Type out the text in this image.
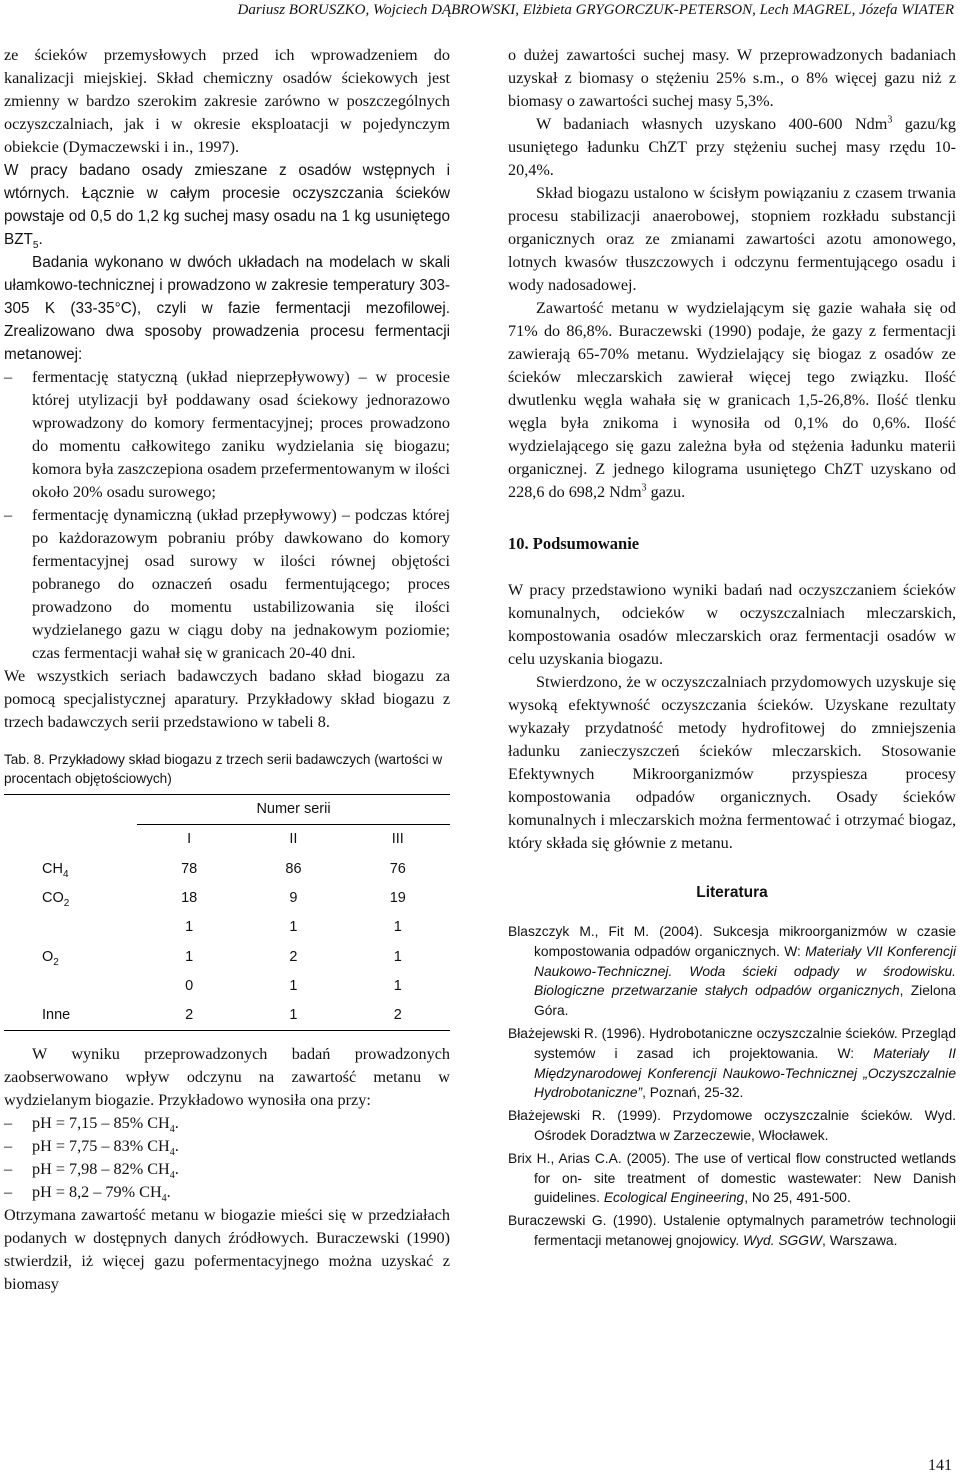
Dariusz BORUSZKO, Wojciech DĄBROWSKI, Elżbieta GRYGORCZUK-PETERSON, Lech MAGREL, Józefa WIATER

ze ścieków przemysłowych przed ich wprowadzeniem do kanalizacji miejskiej. Skład chemiczny osadów ściekowych jest zmienny w bardzo szerokim zakresie zarówno w poszczególnych oczyszczalniach, jak i w okresie eksploatacji w pojedynczym obiekcie (Dymaczewski i in., 1997).

W pracy badano osady zmieszane z osadów wstępnych i wtórnych. Łącznie w całym procesie oczyszczania ścieków powstaje od 0,5 do 1,2 kg suchej masy osadu na 1 kg usuniętego $BZT_5$.

Badania wykonano w dwóch układach na modelach w skali ułamkowo-technicznej i prowadzono w zakresie temperatury 303-305 K (33-35°C), czyli w fazie fermentacji mezofilowej. Zrealizowano dwa sposoby prowadzenia procesu fermentacji metanowej:

– fermentację statyczną (układ nieprzepływowy) – w procesie której utylizacji był poddawany osad ściekowy jednorazowo wprowadzony do komory fermentacyjnej; proces prowadzono do momentu całkowitego zaniku wydzielania się biogazu; komora była zaszczepiona osadem przefermentowanym w ilości około 20% osadu surowego;

– fermentację dynamiczną (układ przepływowy) – podczas której po każdorazowym pobraniu próby dawkowano do komory fermentacyjnej osad surowy w ilości równej objętości pobranego do oznaczeń osadu fermentującego; proces prowadzono do momentu ustabilizowania się ilości wydzielanego gazu w ciągu doby na jednakowym poziomie; czas fermentacji wahał się w granicach 20-40 dni.

We wszystkich seriach badawczych badano skład biogazu za pomocą specjalistycznej aparatury. Przykładowy skład biogazu z trzech badawczych serii przedstawiono w tabeli 8.

Tab. 8. Przykładowy skład biogazu z trzech serii badawczych (wartości w procentach objętościowych)

	Numer serii		
	I	II	III
$CH_4$	78	86	76
$CO_2$	18	9	19
	1	1	1
$O_2$	1	2	1
	0	1	1
Inne	2	1	2

W wyniku przeprowadzonych badań prowadzonych zaobserwowano wpływ odczynu na zawartość metanu w wydzielanym biogazie. Przykładowo wynosiła ona przy:

– pH = 7,15 – 85% $CH_4$.

– pH = 7,75 – 83% $CH_4$.

– pH = 7,98 – 82% $CH_4$.

– pH = 8,2 – 79% $CH_4$.

Otrzymana zawartość metanu w biogazie mieści się w przedziałach podanych w dostępnych danych źródłowych. Buraczewski (1990) stwierdził, iż więcej gazu pofermentacyjnego można uzyskać z biomasy

o dużej zawartości suchej masy. W przeprowadzonych badaniach uzyskał z biomasy o stężeniu 25% s.m., o 8% więcej gazu niż z biomasy o zawartości suchej masy 5,3%.

W badaniach własnych uzyskano 400-600 Ndm$^3$ gazu/kg usuniętego ładunku ChZT przy stężeniu suchej masy rzędu 10-20,4%.

Skład biogazu ustalono w ścisłym powiązaniu z czasem trwania procesu stabilizacji anaerobowej, stopniem rozkładu substancji organicznych oraz ze zmianami zawartości azotu amonowego, lotnych kwasów tłuszczowych i odczynu fermentującego osadu i wody nadosadowej.

Zawartość metanu w wydzielającym się gazie wahała się od 71% do 86,8%. Buraczewski (1990) podaje, że gazy z fermentacji zawierają 65-70% metanu. Wydzielający się biogaz z osadów ze ścieków mleczarskich zawierał więcej tego związku. Ilość dwutlenku węgla wahała się w granicach 1,5-26,8%. Ilość tlenku węgla była znikoma i wynosiła od 0,1% do 0,6%. Ilość wydzielającego się gazu zależna była od stężenia ładunku materii organicznej. Z jednego kilograma usuniętego ChZT uzyskano od 228,6 do 698,2 Ndm$^3$ gazu.

10. Podsumowanie

W pracy przedstawiono wyniki badań nad oczyszczaniem ścieków komunalnych, odcieków w oczyszczalniach mleczarskich, kompostowania osadów mleczarskich oraz fermentacji osadów w celu uzyskania biogazu.

Stwierdzono, że w oczyszczalniach przydomowych uzyskuje się wysoką efektywność oczyszczania ścieków. Uzyskane rezultaty wykazały przydatność metody hydrofitowej do zmniejszenia ładunku zanieczyszczeń ścieków mleczarskich. Stosowanie Efektywnych Mikroorganizmów przyspiesza procesy kompostowania odpadów organicznych. Osady ścieków komunalnych i mleczarskich można fermentować i otrzymać biogaz, który składa się głównie z metanu.

Literatura

Blaszczyk M., Fit M. (2004). Sukcesja mikroorganizmów w czasie kompostowania odpadów organicznych. W: Materiały VII Konferencji Naukowo-Technicznej. Woda ścieki odpady w środowisku. Biologiczne przetwarzanie stałych odpadów organicznych, Zielona Góra.

Błażejewski R. (1996). Hydrobotaniczne oczyszczalnie ścieków. Przegląd systemów i zasad ich projektowania. W: Materiały II Międzynarodowej Konferencji Naukowo-Technicznej „Oczyszczalnie Hydrobotaniczne”, Poznań, 25-32.

Błażejewski R. (1999). Przydomowe oczyszczalnie ścieków. Wyd. Ośrodek Doradztwa w Zarzeczewie, Włocławek.

Brix H., Arias C.A. (2005). The use of vertical flow constructed wetlands for on- site treatment of domestic wastewater: New Danish guidelines. Ecological Engineering, No 25, 491-500.

Buraczewski G. (1990). Ustalenie optymalnych parametrów technologii fermentacji metanowej gnojowicy. Wyd. SGGW, Warszawa.

141
